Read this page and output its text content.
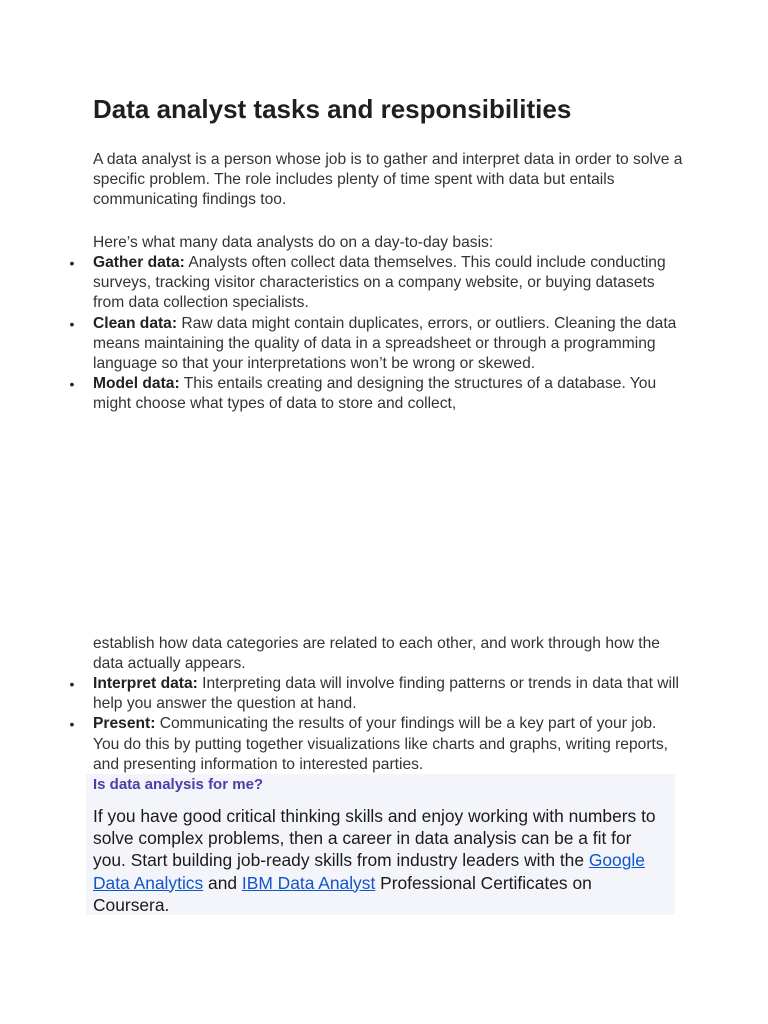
Data analyst tasks and responsibilities

A data analyst is a person whose job is to gather and interpret data in order to solve a specific problem. The role includes plenty of time spent with data but entails communicating findings too.

Here’s what many data analysts do on a day-to-day basis:

• Gather data: Analysts often collect data themselves. This could include conducting surveys, tracking visitor characteristics on a company website, or buying datasets from data collection specialists.
• Clean data: Raw data might contain duplicates, errors, or outliers. Cleaning the data means maintaining the quality of data in a spreadsheet or through a programming language so that your interpretations won’t be wrong or skewed.
• Model data: This entails creating and designing the structures of a database. You might choose what types of data to store and collect,

establish how data categories are related to each other, and work through how the data actually appears.

• Interpret data: Interpreting data will involve finding patterns or trends in data that will help you answer the question at hand.
• Present: Communicating the results of your findings will be a key part of your job. You do this by putting together visualizations like charts and graphs, writing reports, and presenting information to interested parties.

Is data analysis for me?

If you have good critical thinking skills and enjoy working with numbers to solve complex problems, then a career in data analysis can be a fit for you. Start building job-ready skills from industry leaders with the Google Data Analytics and IBM Data Analyst Professional Certificates on Coursera.
